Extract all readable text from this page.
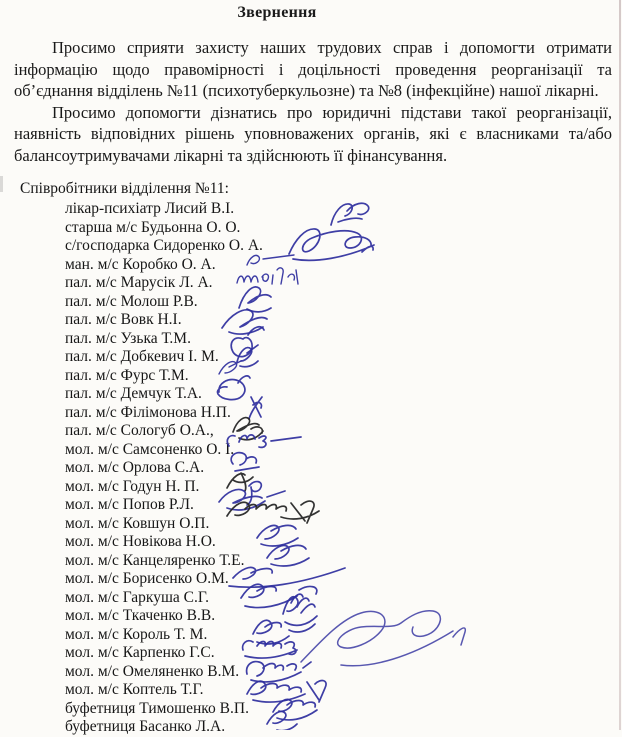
Звернення

Просимо сприяти захисту наших трудових справ і допомогти отримати інформацію щодо правомірності і доцільності проведення реорганізації та об’єднання відділень №11 (психотуберкульозне) та №8 (інфекційне) нашої лікарні.

Просимо допомогти дізнатись про юридичні підстави такої реорганізації, наявність відповідних рішень уповноважених органів, які є власниками та/або балансоутримувачами лікарні та здійснюють її фінансування.

Співробітники відділення №11:

лікар-психіатр Лисий В.І.
старша м/с Будьонна О. О.
с/господарка Сидоренко О. А.
ман. м/с Коробко О. А.
пал. м/с Марусік Л. А.
пал. м/с Молош Р.В.
пал. м/с Вовк Н.І.
пал. м/с Узька Т.М.
пал. м/с Добкевич І. М.
пал. м/с Фурс Т.М.
пал. м/с Демчук Т.А.
пал. м/с Філімонова Н.П.
пал. м/с Сологуб О.А.,
мол. м/с Самсоненко О. І.
мол. м/с Орлова С.А.
мол. м/с Годун Н. П.
мол. м/с Попов Р.Л.
мол. м/с Ковшун О.П.
мол. м/с Новікова Н.О.
мол. м/с Канцеляренко Т.Е.
мол. м/с Борисенко О.М.
мол. м/с Гаркуша С.Г.
мол. м/с Ткаченко В.В.
мол. м/с Король Т. М.
мол. м/с Карпенко Г.С.
мол. м/с Омеляненко В.М.
мол. м/с Коптель Т.Г.
буфетниця Тимошенко В.П.
буфетниця Басанко Л.А.
